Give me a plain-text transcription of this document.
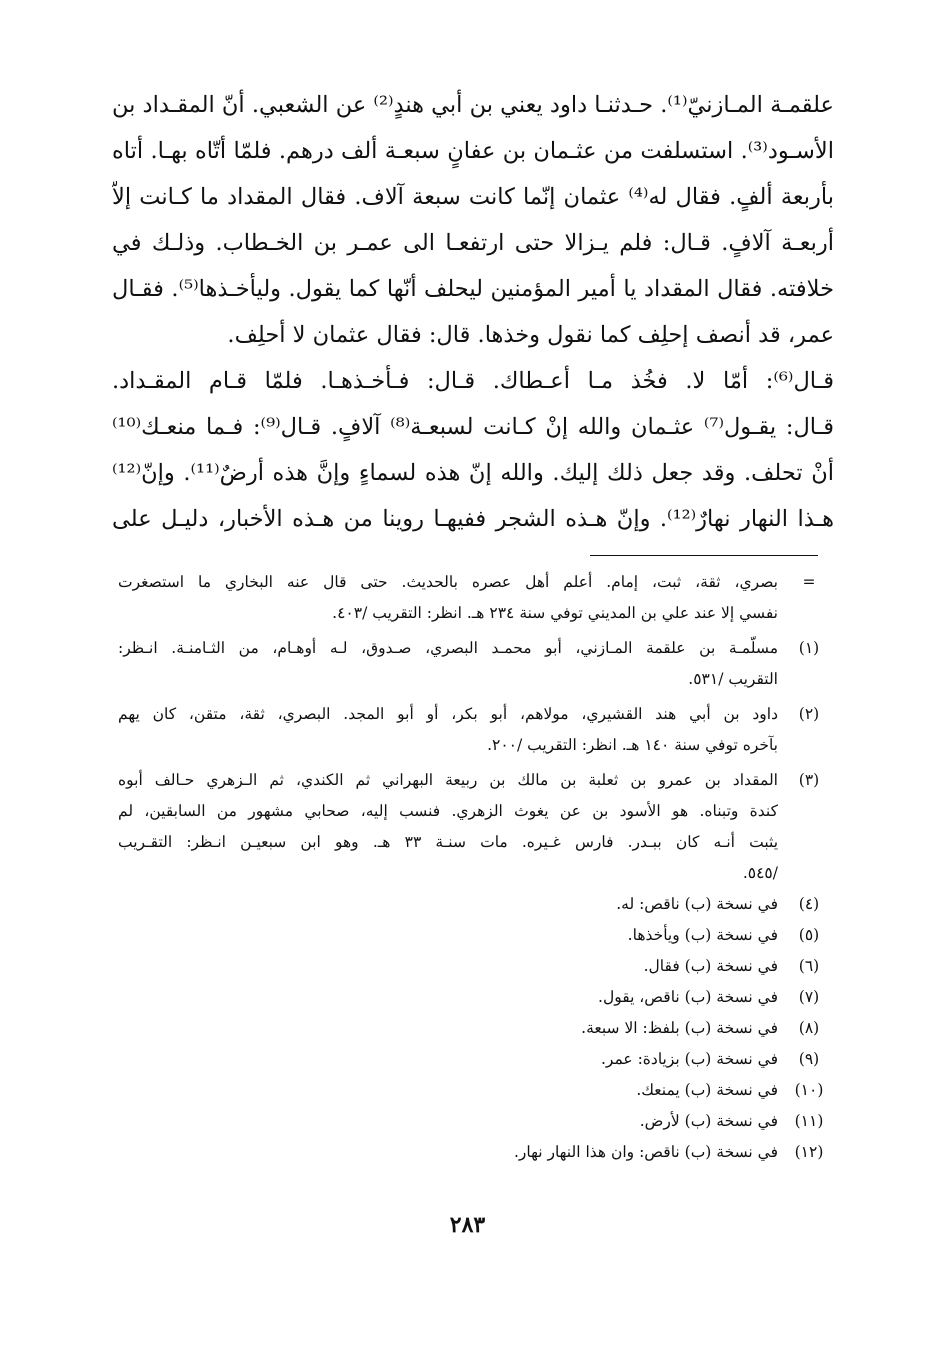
علقمـة المـازنيّ⁽¹⁾. حـدثنـا داود يعني بن أبي هندٍ⁽²⁾ عن الشعبي. أنّ المقـداد بن
الأسـود⁽³⁾. استسلفت من عثـمان بن عفانٍ سبعـة ألف درهم. فلمّا أتّاه بهـا. أتاه
بأربعة ألفٍ. فقال له⁽⁴⁾ عثمان إنّما كانت سبعة آلاف. فقال المقداد ما كـانت إلاّ
أربعـة آلافٍ. قـال: فلم يـزالا حتى ارتفعـا الى عمـر بن الخـطاب. وذلـك في
خلافته. فقال المقداد يا أمير المؤمنين ليحلف أنّها كما يقول. وليأخـذها⁽⁵⁾. فقـال
عمر، قد أنصف إحلِف كما نقول وخذها. قال: فقال عثمان لا أحلِف.
قـال⁽⁶⁾: أمّا لا. فخُذ مـا أعـطاك. قـال: فـأخـذهـا. فلمّا قـام المقـداد.
قـال: يقـول⁽⁷⁾ عثـمان والله إنْ كـانت لسبعـة⁽⁸⁾ آلافٍ. قـال⁽⁹⁾: فـما منعـك⁽¹⁰⁾
أنْ تحلف. وقد جعل ذلك إليك. والله إنّ هذه لسماءٍ وإنَّ هذه أرضٌ⁽¹¹⁾. وإنّ⁽¹²⁾
هـذا النهار نهارٌ⁽¹²⁾. وإنّ هـذه الشجر ففيهـا روينا من هـذه الأخبار، دليـل على
=
بصري، ثقة، ثبت، إمام. أعلم أهل عصره بالحديث. حتى قال عنه البخاري ما استصغرت
نفسي إلا عند علي بن المديني توفي سنة ٢٣٤ هـ. انظر: التقريب /٤٠٣.
(١)
مسلّمـة بن علقمة المـازني، أبو محمـد البصري، صـدوق، لـه أوهـام، من الثـامنـة. انـظر:
التقريب /٥٣١.
(٢)
داود بن أبي هند القشيري، مولاهم، أبو بكر، أو أبو المجد. البصري، ثقة، متقن، كان يهم
بآخره توفي سنة ١٤٠ هـ. انظر: التقريب /٢٠٠.
(٣)
المقداد بن عمرو بن ثعلبة بن مالك بن ربيعة البهراني ثم الكندي، ثم الـزهري حـالف أبوه
كندة وتبناه. هو الأسود بن عن يغوث الزهري. فنسب إليه، صحابي مشهور من السابقين، لم
يثبت أنـه كان ببـدر. فارس غـيره. مات سنـة ٣٣ هـ. وهو ابن سبعيـن انـظر: التقـريب
/٥٤٥.
(٤)
في نسخة (ب) ناقص: له.
(٥)
في نسخة (ب) ويأخذها.
(٦)
في نسخة (ب) فقال.
(٧)
في نسخة (ب) ناقص، يقول.
(٨)
في نسخة (ب) بلفظ: الا سبعة.
(٩)
في نسخة (ب) بزيادة: عمر.
(١٠)
في نسخة (ب) يمنعك.
(١١)
في نسخة (ب) لأرض.
(١٢)
في نسخة (ب) ناقص: وان هذا النهار نهار.
٢٨٣
